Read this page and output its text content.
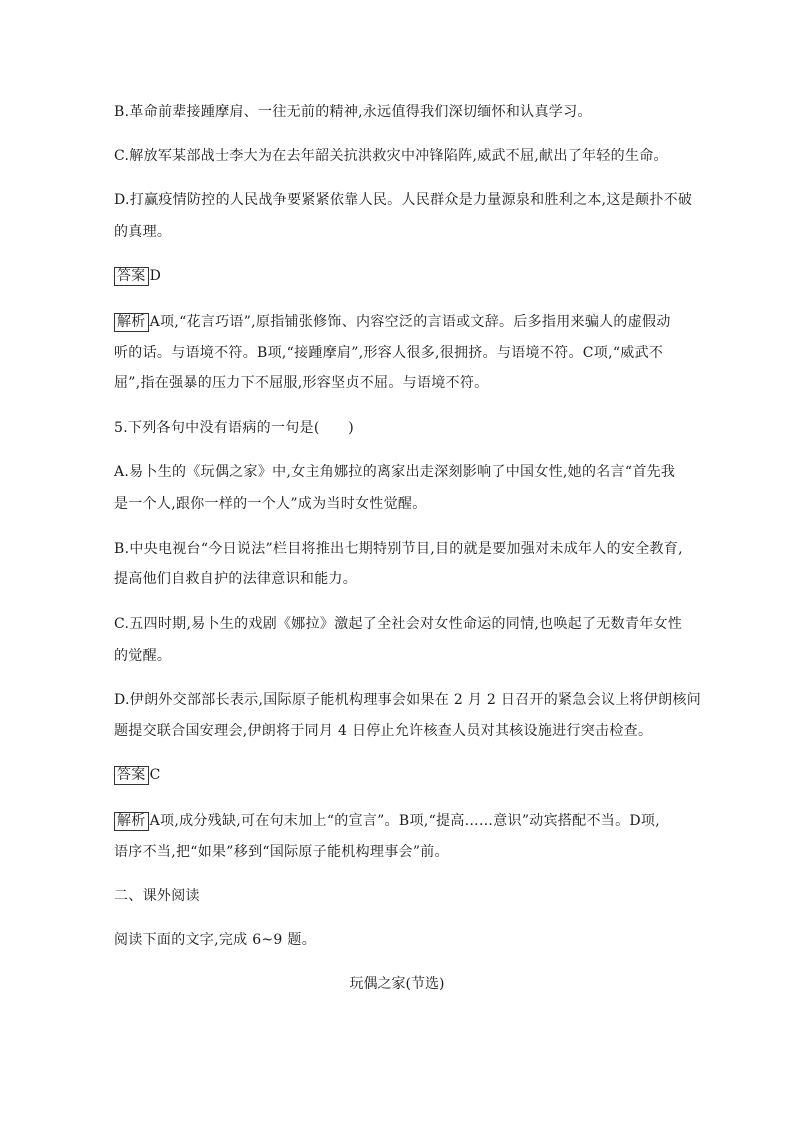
B.革命前辈接踵摩肩、一往无前的精神,永远值得我们深切缅怀和认真学习。
C.解放军某部战士李大为在去年韶关抗洪救灾中冲锋陷阵,威武不屈,献出了年轻的生命。
D.打赢疫情防控的人民战争要紧紧依靠人民。人民群众是力量源泉和胜利之本,这是颠扑不破
的真理。
答案 D
解析 A项,“花言巧语”,原指铺张修饰、内容空泛的言语或文辞。后多指用来骗人的虚假动
听的话。与语境不符。B项,“接踵摩肩”,形容人很多,很拥挤。与语境不符。C项,“威武不
屈”,指在强暴的压力下不屈服,形容坚贞不屈。与语境不符。
5.下列各句中没有语病的一句是(　　)
A.易卜生的《玩偶之家》中,女主角娜拉的离家出走深刻影响了中国女性,她的名言“首先我
是一个人,跟你一样的一个人”成为当时女性觉醒。
B.中央电视台“今日说法”栏目将推出七期特别节目,目的就是要加强对未成年人的安全教育,
提高他们自救自护的法律意识和能力。
C.五四时期,易卜生的戏剧《娜拉》激起了全社会对女性命运的同情,也唤起了无数青年女性
的觉醒。
D.伊朗外交部部长表示,国际原子能机构理事会如果在 2 月 2 日召开的紧急会议上将伊朗核问
题提交联合国安理会,伊朗将于同月 4 日停止允许核查人员对其核设施进行突击检查。
答案 C
解析 A项,成分残缺,可在句末加上“的宣言”。B项,“提高……意识”动宾搭配不当。D项,
语序不当,把“如果”移到“国际原子能机构理事会”前。
二、课外阅读
阅读下面的文字,完成 6~9 题。
玩偶之家(节选)
